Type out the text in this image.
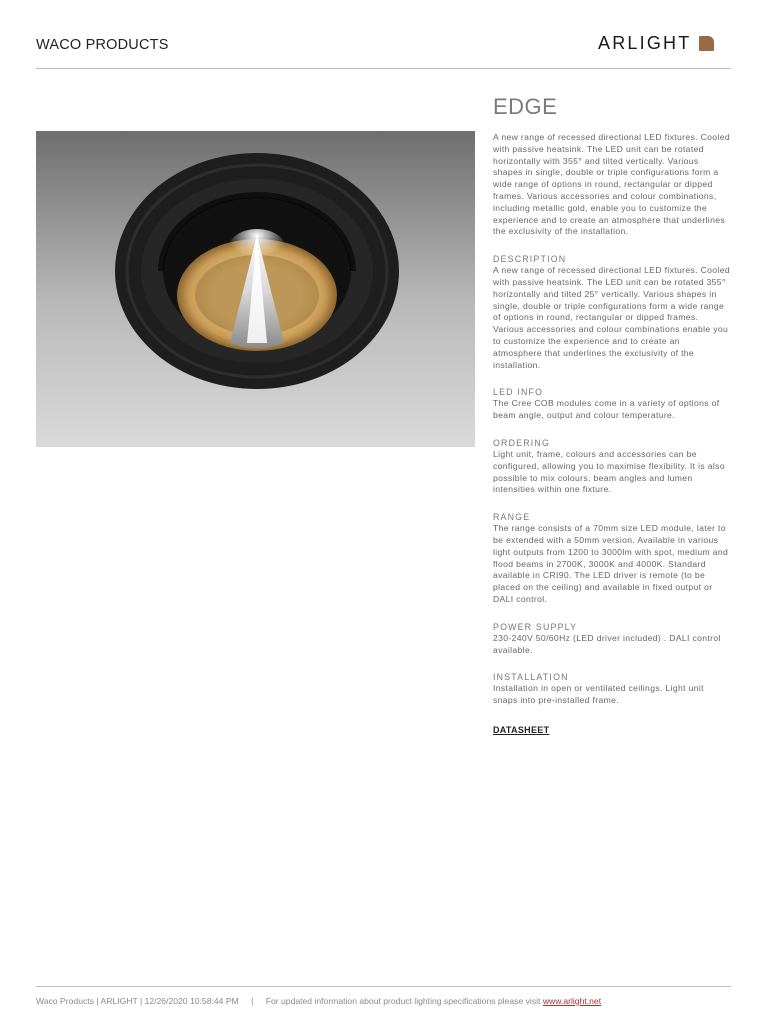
WACO PRODUCTS	ARLIGHT
EDGE

A new range of recessed directional LED fixtures. Cooled with passive heatsink. The LED unit can be rotated horizontally with 355° and tilted vertically. Various shapes in single, double or triple configurations form a wide range of options in round, rectangular or dipped frames. Various accessories and colour combinations, including metallic gold, enable you to customize the experience and to create an atmosphere that underlines the exclusivity of the installation.

DESCRIPTION

A new range of recessed directional LED fixtures. Cooled with passive heatsink. The LED unit can be rotated 355° horizontally and tilted 25° vertically. Various shapes in single, double or triple configurations form a wide range of options in round, rectangular or dipped frames. Various accessories and colour combinations enable you to customize the experience and to create an atmosphere that underlines the exclusivity of the installation.

LED INFO

The Cree COB modules come in a variety of options of beam angle, output and colour temperature.

ORDERING

Light unit, frame, colours and accessories can be configured, allowing you to maximise flexibility. It is also possible to mix colours, beam angles and lumen intensities within one fixture.

RANGE

The range consists of a 70mm size LED module, later to be extended with a 50mm version. Available in various light outputs from 1200 to 3000lm with spot, medium and flood beams in 2700K, 3000K and 4000K. Standard available in CRI90. The LED driver is remote (to be placed on the ceiling) and available in fixed output or DALI control.

POWER SUPPLY

230-240V 50/60Hz (LED driver included) . DALI control available.

INSTALLATION

Installation in open or ventilated ceilings. Light unit snaps into pre-installed frame.

DATASHEET
Waco Products | ARLIGHT | 12/26/2020 10:58:44 PM | For updated information about product lighting specifications please visit www.arlight.net
